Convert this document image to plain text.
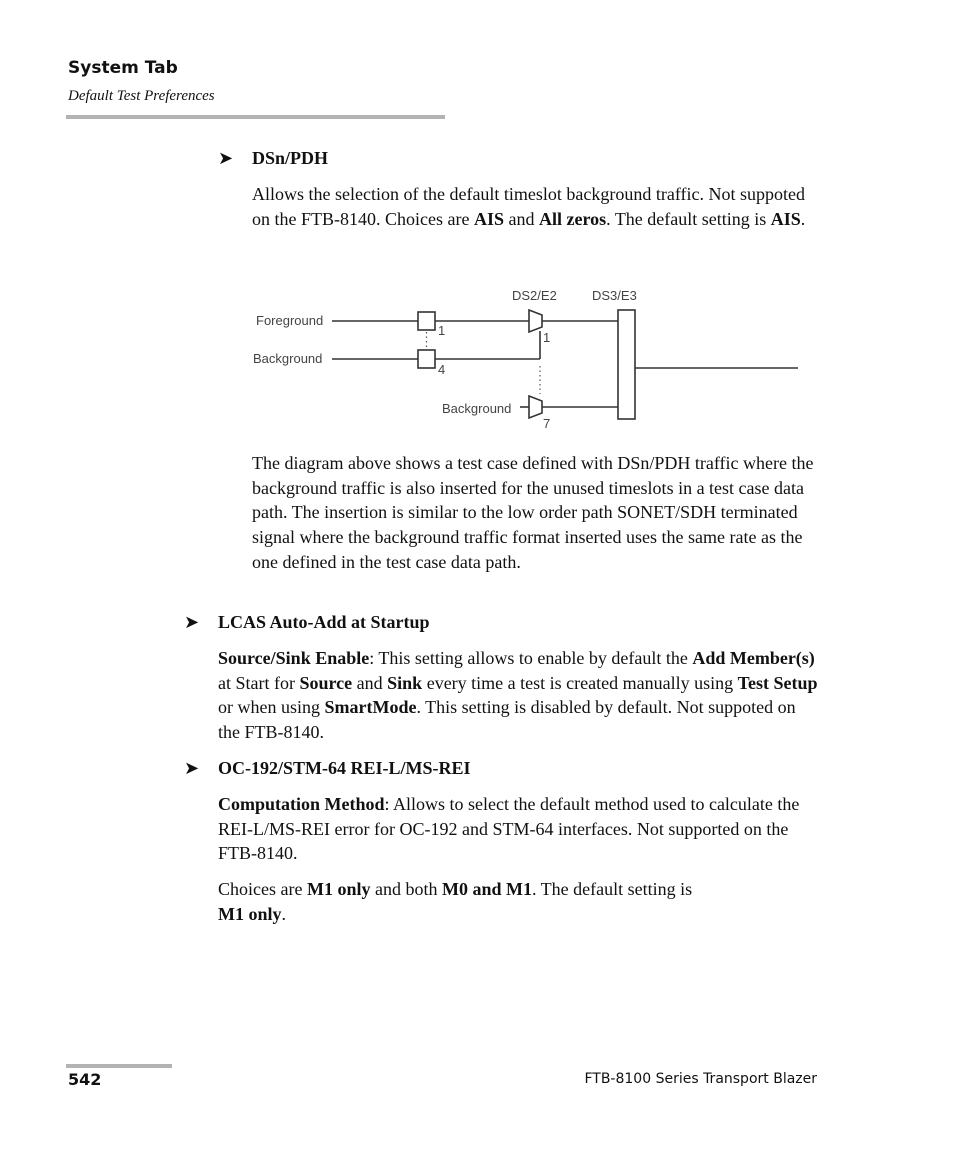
System Tab
Default Test Preferences
➤	DSn/PDH
Allows the selection of the default timeslot background traffic. Not suppoted on the FTB-8140. Choices are AIS and All zeros. The default setting is AIS.
Foreground
Background
Background
DS2/E2	DS3/E3
1
4
1
7
The diagram above shows a test case defined with DSn/PDH traffic where the background traffic is also inserted for the unused timeslots in a test case data path. The insertion is similar to the low order path SONET/SDH terminated signal where the background traffic format inserted uses the same rate as the one defined in the test case data path.
➤	LCAS Auto-Add at Startup
Source/Sink Enable: This setting allows to enable by default the Add Member(s) at Start for Source and Sink every time a test is created manually using Test Setup or when using SmartMode. This setting is disabled by default. Not suppoted on the FTB-8140.
➤	OC-192/STM-64 REI-L/MS-REI
Computation Method: Allows to select the default method used to calculate the REI-L/MS-REI error for OC-192 and STM-64 interfaces. Not supported on the FTB-8140.
Choices are M1 only and both M0 and M1. The default setting is
M1 only.
542	FTB-8100 Series Transport Blazer
